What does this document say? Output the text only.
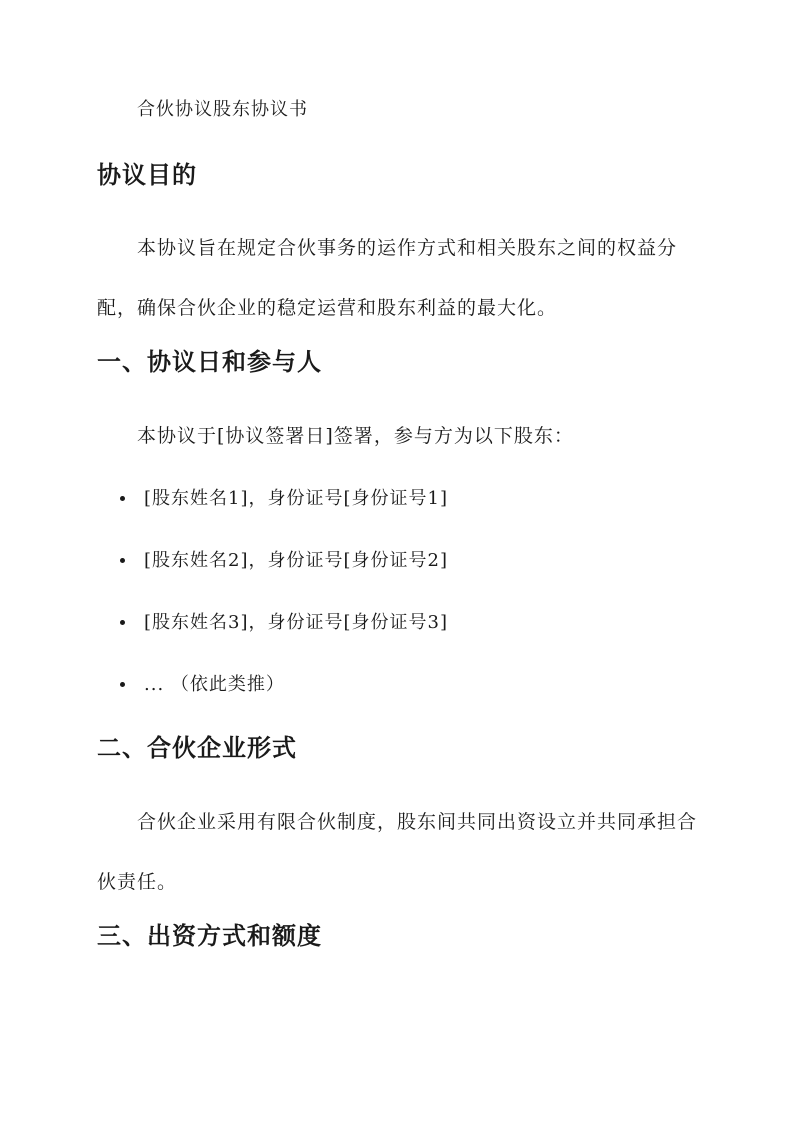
合伙协议股东协议书

协议目的

本协议旨在规定合伙事务的运作方式和相关股东之间的权益分配，确保合伙企业的稳定运营和股东利益的最大化。

一、协议日和参与人

本协议于[协议签署日]签署，参与方为以下股东：

[股东姓名1]，身份证号[身份证号1]
[股东姓名2]，身份证号[身份证号2]
[股东姓名3]，身份证号[身份证号3]
... （依此类推）
二、合伙企业形式

合伙企业采用有限合伙制度，股东间共同出资设立并共同承担合伙责任。

三、出资方式和额度
